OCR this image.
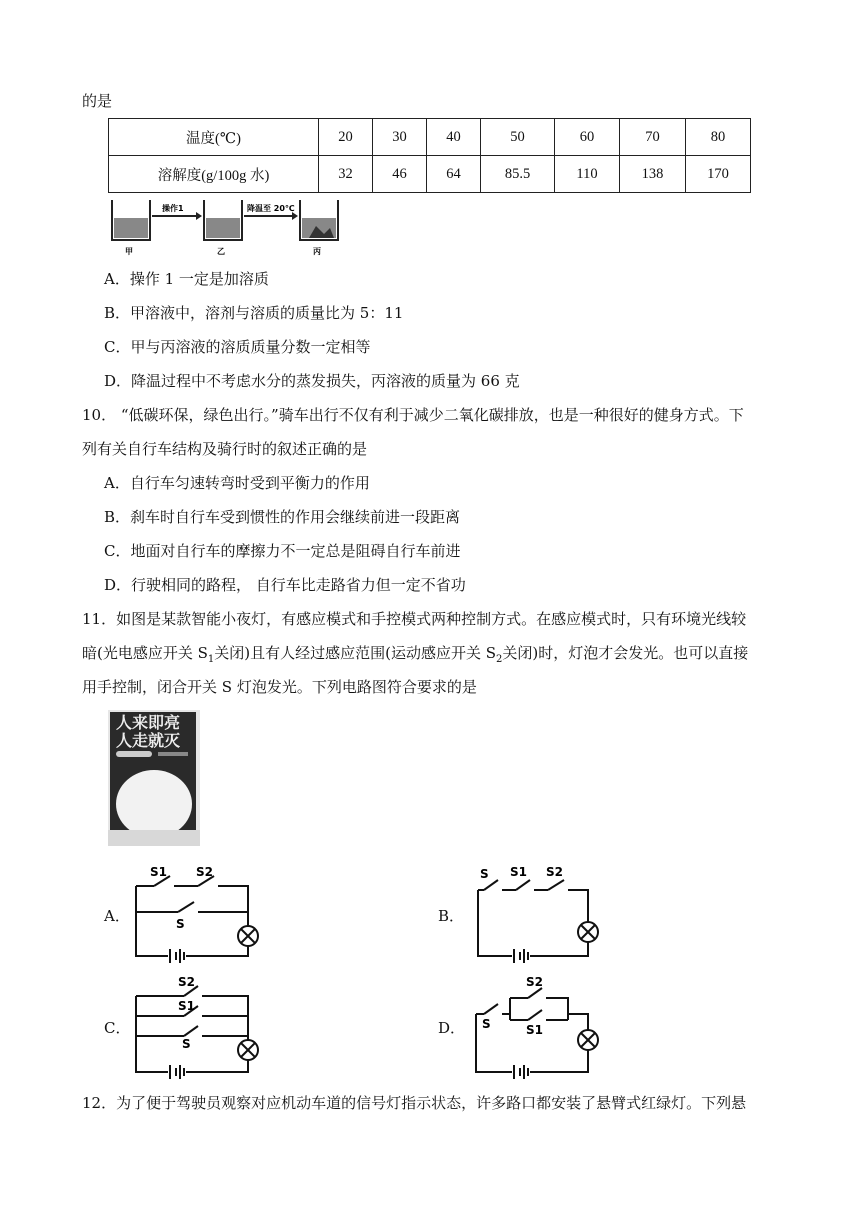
的是
温度(℃)	20	30	40	50	60	70	80
溶解度(g/100g 水)	32	46	64	85.5	110	138	170
操作1	降温至 20℃
甲	乙	丙
A．操作 1 一定是加溶质
B．甲溶液中，溶剂与溶质的质量比为 5：11
C．甲与丙溶液的溶质质量分数一定相等
D．降温过程中不考虑水分的蒸发损失，丙溶液的质量为 66 克
10． “低碳环保，绿色出行。”骑车出行不仅有利于减少二氧化碳排放，也是一种很好的健身方式。下
列有关自行车结构及骑行时的叙述正确的是
A．自行车匀速转弯时受到平衡力的作用
B．刹车时自行车受到惯性的作用会继续前进一段距离
C．地面对自行车的摩擦力不一定总是阻碍自行车前进
D．行驶相同的路程， 自行车比走路省力但一定不省功
11．如图是某款智能小夜灯，有感应模式和手控模式两种控制方式。在感应模式时，只有环境光线较
暗(光电感应开关 $S_1$关闭)且有人经过感应范围(运动感应开关 $S_2$关闭)时，灯泡才会发光。也可以直接
用手控制，闭合开关 S 灯泡发光。下列电路图符合要求的是
人来即亮
人走就灭
A．
S1 S2
S	B．
S S1 S2
C．
S2
S1
S
D．
S2
S	S1
12．为了便于驾驶员观察对应机动车道的信号灯指示状态，许多路口都安装了悬臂式红绿灯。下列悬
